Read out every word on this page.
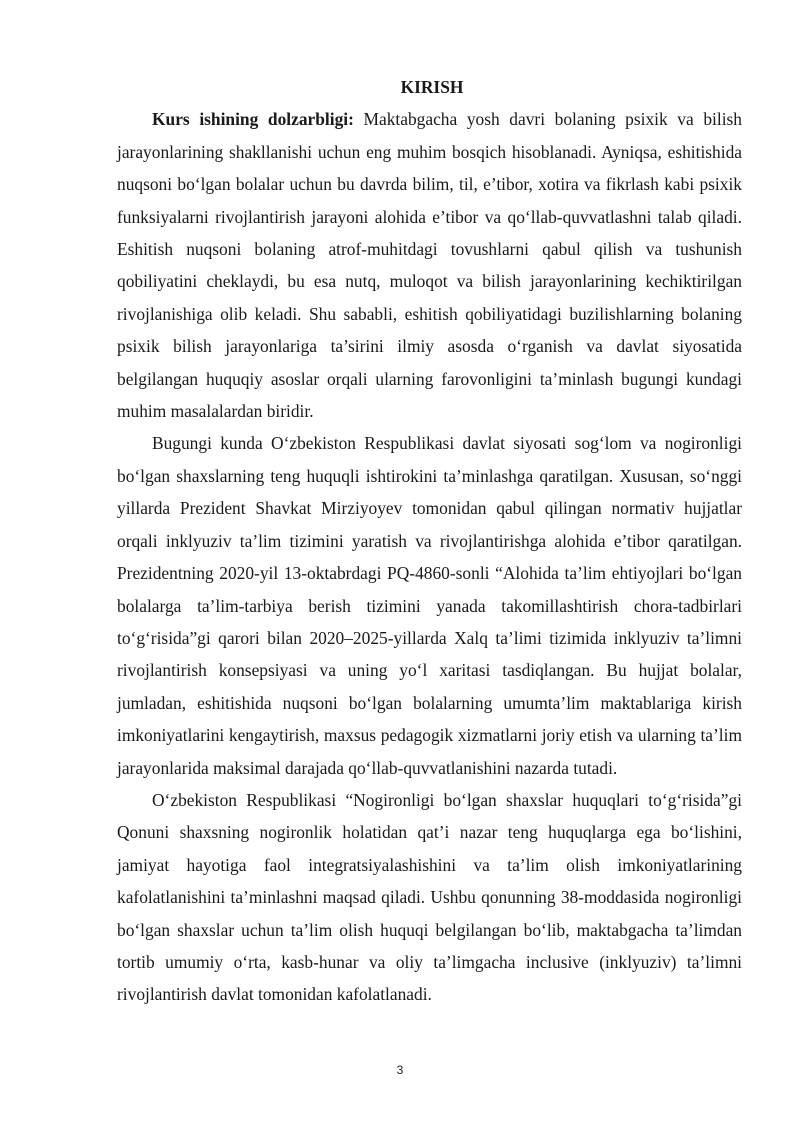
KIRISH

Kurs ishining dolzarbligi: Maktabgacha yosh davri bolaning psixik va bilish jarayonlarining shakllanishi uchun eng muhim bosqich hisoblanadi. Ayniqsa, eshitishida nuqsoni bo‘lgan bolalar uchun bu davrda bilim, til, e’tibor, xotira va fikrlash kabi psixik funksiyalarni rivojlantirish jarayoni alohida e’tibor va qo‘llab-quvvatlashni talab qiladi. Eshitish nuqsoni bolaning atrof-muhitdagi tovushlarni qabul qilish va tushunish qobiliyatini cheklaydi, bu esa nutq, muloqot va bilish jarayonlarining kechiktirilgan rivojlanishiga olib keladi. Shu sababli, eshitish qobiliyatidagi buzilishlarning bolaning psixik bilish jarayonlariga ta’sirini ilmiy asosda o‘rganish va davlat siyosatida belgilangan huquqiy asoslar orqali ularning farovonligini ta’minlash bugungi kundagi muhim masalalardan biridir.

Bugungi kunda O‘zbekiston Respublikasi davlat siyosati sog‘lom va nogironligi bo‘lgan shaxslarning teng huquqli ishtirokini ta’minlashga qaratilgan. Xususan, so‘nggi yillarda Prezident Shavkat Mirziyoyev tomonidan qabul qilingan normativ hujjatlar orqali inklyuziv ta’lim tizimini yaratish va rivojlantirishga alohida e’tibor qaratilgan. Prezidentning 2020-yil 13-oktabrdagi PQ-4860-sonli “Alohida ta’lim ehtiyojlari bo‘lgan bolalarga ta’lim-tarbiya berish tizimini yanada takomillashtirish chora-tadbirlari to‘g‘risida”gi qarori bilan 2020–2025-yillarda Xalq ta’limi tizimida inklyuziv ta’limni rivojlantirish konsepsiyasi va uning yo‘l xaritasi tasdiqlangan. Bu hujjat bolalar, jumladan, eshitishida nuqsoni bo‘lgan bolalarning umumta’lim maktablariga kirish imkoniyatlarini kengaytirish, maxsus pedagogik xizmatlarni joriy etish va ularning ta’lim jarayonlarida maksimal darajada qo‘llab-quvvatlanishini nazarda tutadi.

O‘zbekiston Respublikasi “Nogironligi bo‘lgan shaxslar huquqlari to‘g‘risida”gi Qonuni shaxsning nogironlik holatidan qat’i nazar teng huquqlarga ega bo‘lishini, jamiyat hayotiga faol integratsiyalashishini va ta’lim olish imkoniyatlarining kafolatlanishini ta’minlashni maqsad qiladi. Ushbu qonunning 38-moddasida nogironligi bo‘lgan shaxslar uchun ta’lim olish huquqi belgilangan bo‘lib, maktabgacha ta’limdan tortib umumiy o‘rta, kasb-hunar va oliy ta’limgacha inclusive (inklyuziv) ta’limni rivojlantirish davlat tomonidan kafolatlanadi.

3
